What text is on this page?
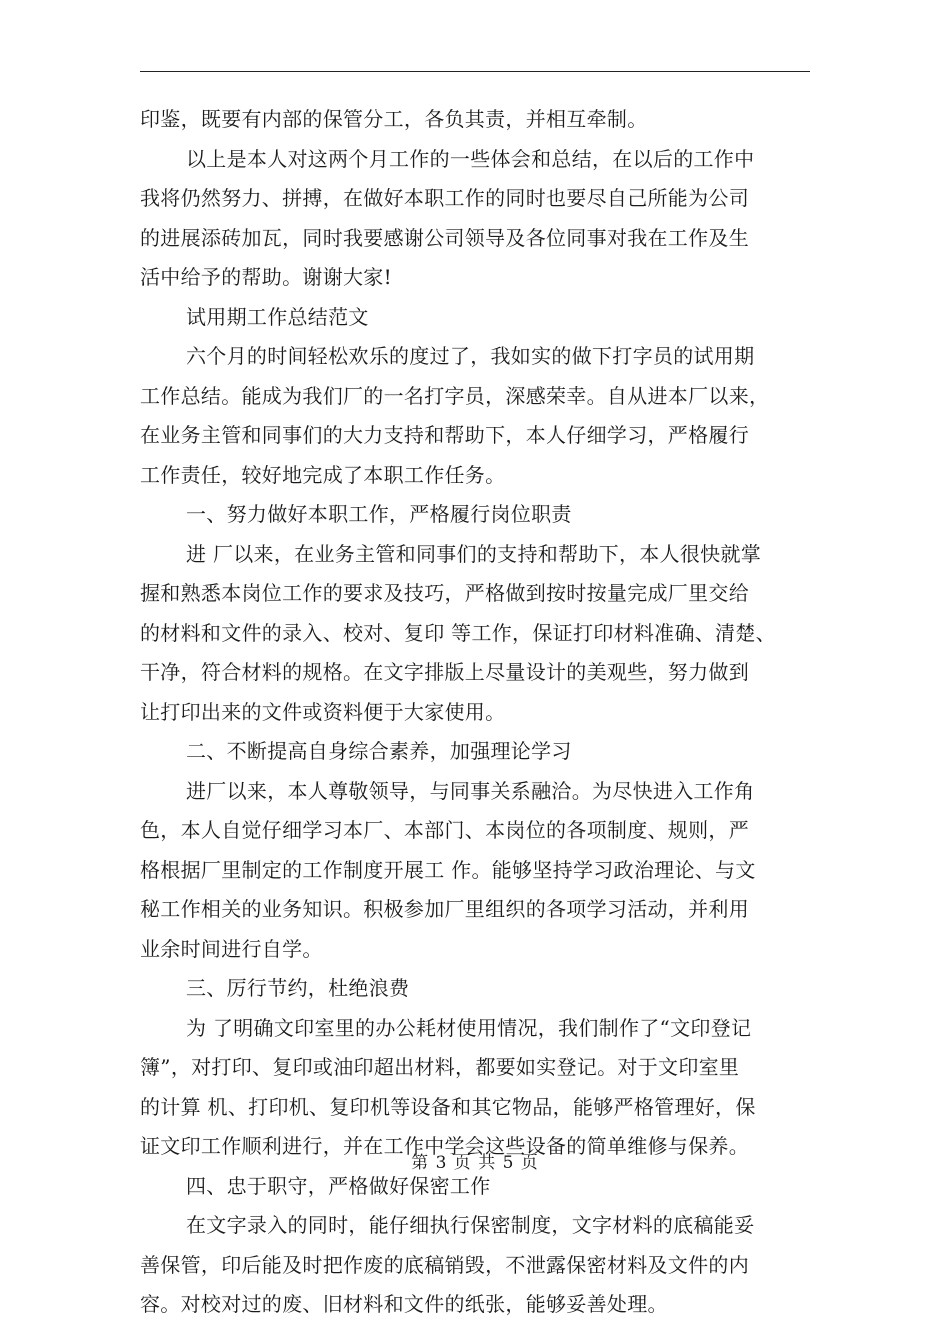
印鉴，既要有内部的保管分工，各负其责，并相互牵制。
以上是本人对这两个月工作的一些体会和总结，在以后的工作中
我将仍然努力、拼搏，在做好本职工作的同时也要尽自己所能为公司
的进展添砖加瓦，同时我要感谢公司领导及各位同事对我在工作及生
活中给予的帮助。谢谢大家!
试用期工作总结范文
六个月的时间轻松欢乐的度过了，我如实的做下打字员的试用期
工作总结。能成为我们厂的一名打字员，深感荣幸。自从进本厂以来，
在业务主管和同事们的大力支持和帮助下，本人仔细学习，严格履行
工作责任，较好地完成了本职工作任务。
一、努力做好本职工作，严格履行岗位职责
进 厂以来，在业务主管和同事们的支持和帮助下，本人很快就掌
握和熟悉本岗位工作的要求及技巧，严格做到按时按量完成厂里交给
的材料和文件的录入、校对、复印 等工作，保证打印材料准确、清楚、
干净，符合材料的规格。在文字排版上尽量设计的美观些，努力做到
让打印出来的文件或资料便于大家使用。
二、不断提高自身综合素养，加强理论学习
进厂以来，本人尊敬领导，与同事关系融洽。为尽快进入工作角
色，本人自觉仔细学习本厂、本部门、本岗位的各项制度、规则，严
格根据厂里制定的工作制度开展工 作。能够坚持学习政治理论、与文
秘工作相关的业务知识。积极参加厂里组织的各项学习活动，并利用
业余时间进行自学。
三、厉行节约，杜绝浪费
为 了明确文印室里的办公耗材使用情况，我们制作了“文印登记
簿”，对打印、复印或油印超出材料，都要如实登记。对于文印室里
的计算 机、打印机、复印机等设备和其它物品，能够严格管理好，保
证文印工作顺利进行，并在工作中学会这些设备的简单维修与保养。
四、忠于职守，严格做好保密工作
在文字录入的同时，能仔细执行保密制度，文字材料的底稿能妥
善保管，印后能及时把作废的底稿销毁，不泄露保密材料及文件的内
容。对校对过的废、旧材料和文件的纸张，能够妥善处理。
第 3 页 共 5 页
